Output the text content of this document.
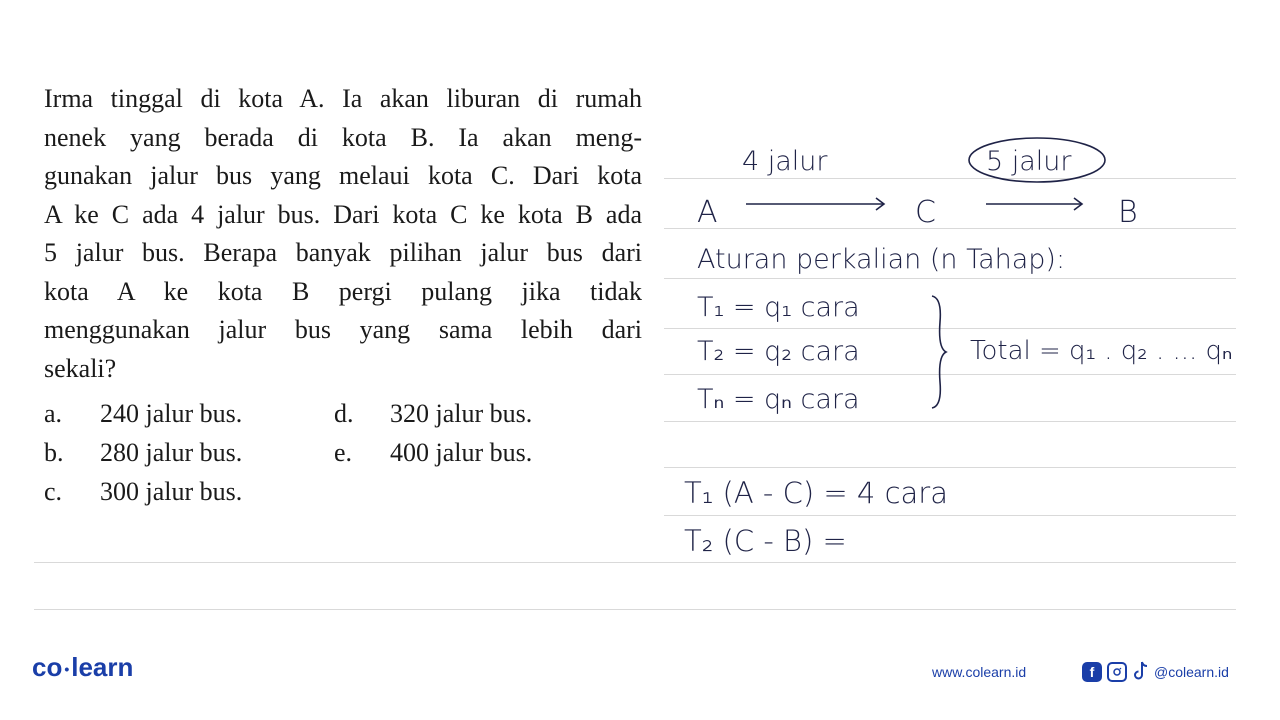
Irma tinggal di kota A. Ia akan liburan di rumah
nenek yang berada di kota B. Ia akan meng-
gunakan jalur bus yang melaui kota C. Dari kota
A ke C ada 4 jalur bus. Dari kota C ke kota B ada
5 jalur bus. Berapa banyak pilihan jalur bus dari
kota A ke kota B pergi pulang jika tidak
menggunakan jalur bus yang sama lebih dari
sekali?
a. 240 jalur bus.
b. 280 jalur bus.
c. 300 jalur bus.
d. 320 jalur bus.
e. 400 jalur bus.
4 jalur	5 jalur
A	C	B
Aturan perkalian (n Tahap):
T₁ = q₁ cara
T₂ = q₂ cara
Tₙ = qₙ cara
Total = q₁ . q₂ . ... qₙ
T₁ (A - C) = 4 cara
T₂ (C - B) =
co •learn	www.colearn.id	f	@colearn.id
